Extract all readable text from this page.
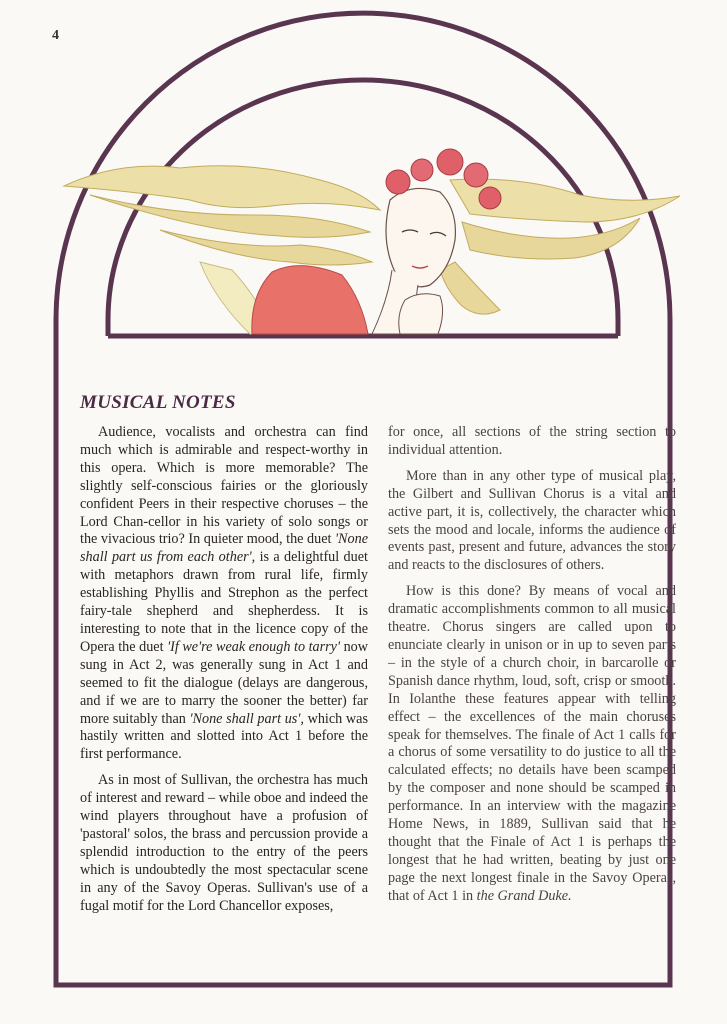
4
MUSICAL NOTES

Audience, vocalists and orchestra can find much which is admirable and respect-worthy in this opera. Which is more memorable? The slightly self-conscious fairies or the gloriously confident Peers in their respective choruses – the Lord Chan-cellor in his variety of solo songs or the vivacious trio? In quieter mood, the duet 'None shall part us from each other', is a delightful duet with metaphors drawn from rural life, firmly establishing Phyllis and Strephon as the perfect fairy-tale shepherd and shepherdess. It is interesting to note that in the licence copy of the Opera the duet 'If we're weak enough to tarry' now sung in Act 2, was generally sung in Act 1 and seemed to fit the dialogue (delays are dangerous, and if we are to marry the sooner the better) far more suitably than 'None shall part us', which was hastily written and slotted into Act 1 before the first performance.

As in most of Sullivan, the orchestra has much of interest and reward – while oboe and indeed the wind players throughout have a profusion of 'pastoral' solos, the brass and percussion provide a splendid introduction to the entry of the peers which is undoubtedly the most spectacular scene in any of the Savoy Operas. Sullivan's use of a fugal motif for the Lord Chancellor exposes,

for once, all sections of the string section to individual attention.

More than in any other type of musical play, the Gilbert and Sullivan Chorus is a vital and active part, it is, collectively, the character which sets the mood and locale, informs the audience of events past, present and future, advances the story and reacts to the disclosures of others.

How is this done? By means of vocal and dramatic accomplishments common to all musical theatre. Chorus singers are called upon to enunciate clearly in unison or in up to seven parts – in the style of a church choir, in barcarolle or Spanish dance rhythm, loud, soft, crisp or smooth. In Iolanthe these features appear with telling effect – the excellences of the main choruses speak for themselves. The finale of Act 1 calls for a chorus of some versatility to do justice to all the calculated effects; no details have been scamped by the composer and none should be scamped in performance. In an interview with the magazine Home News, in 1889, Sullivan said that he thought that the Finale of Act 1 is perhaps the longest that he had written, beating by just one page the next longest finale in the Savoy Operas, that of Act 1 in the Grand Duke.
